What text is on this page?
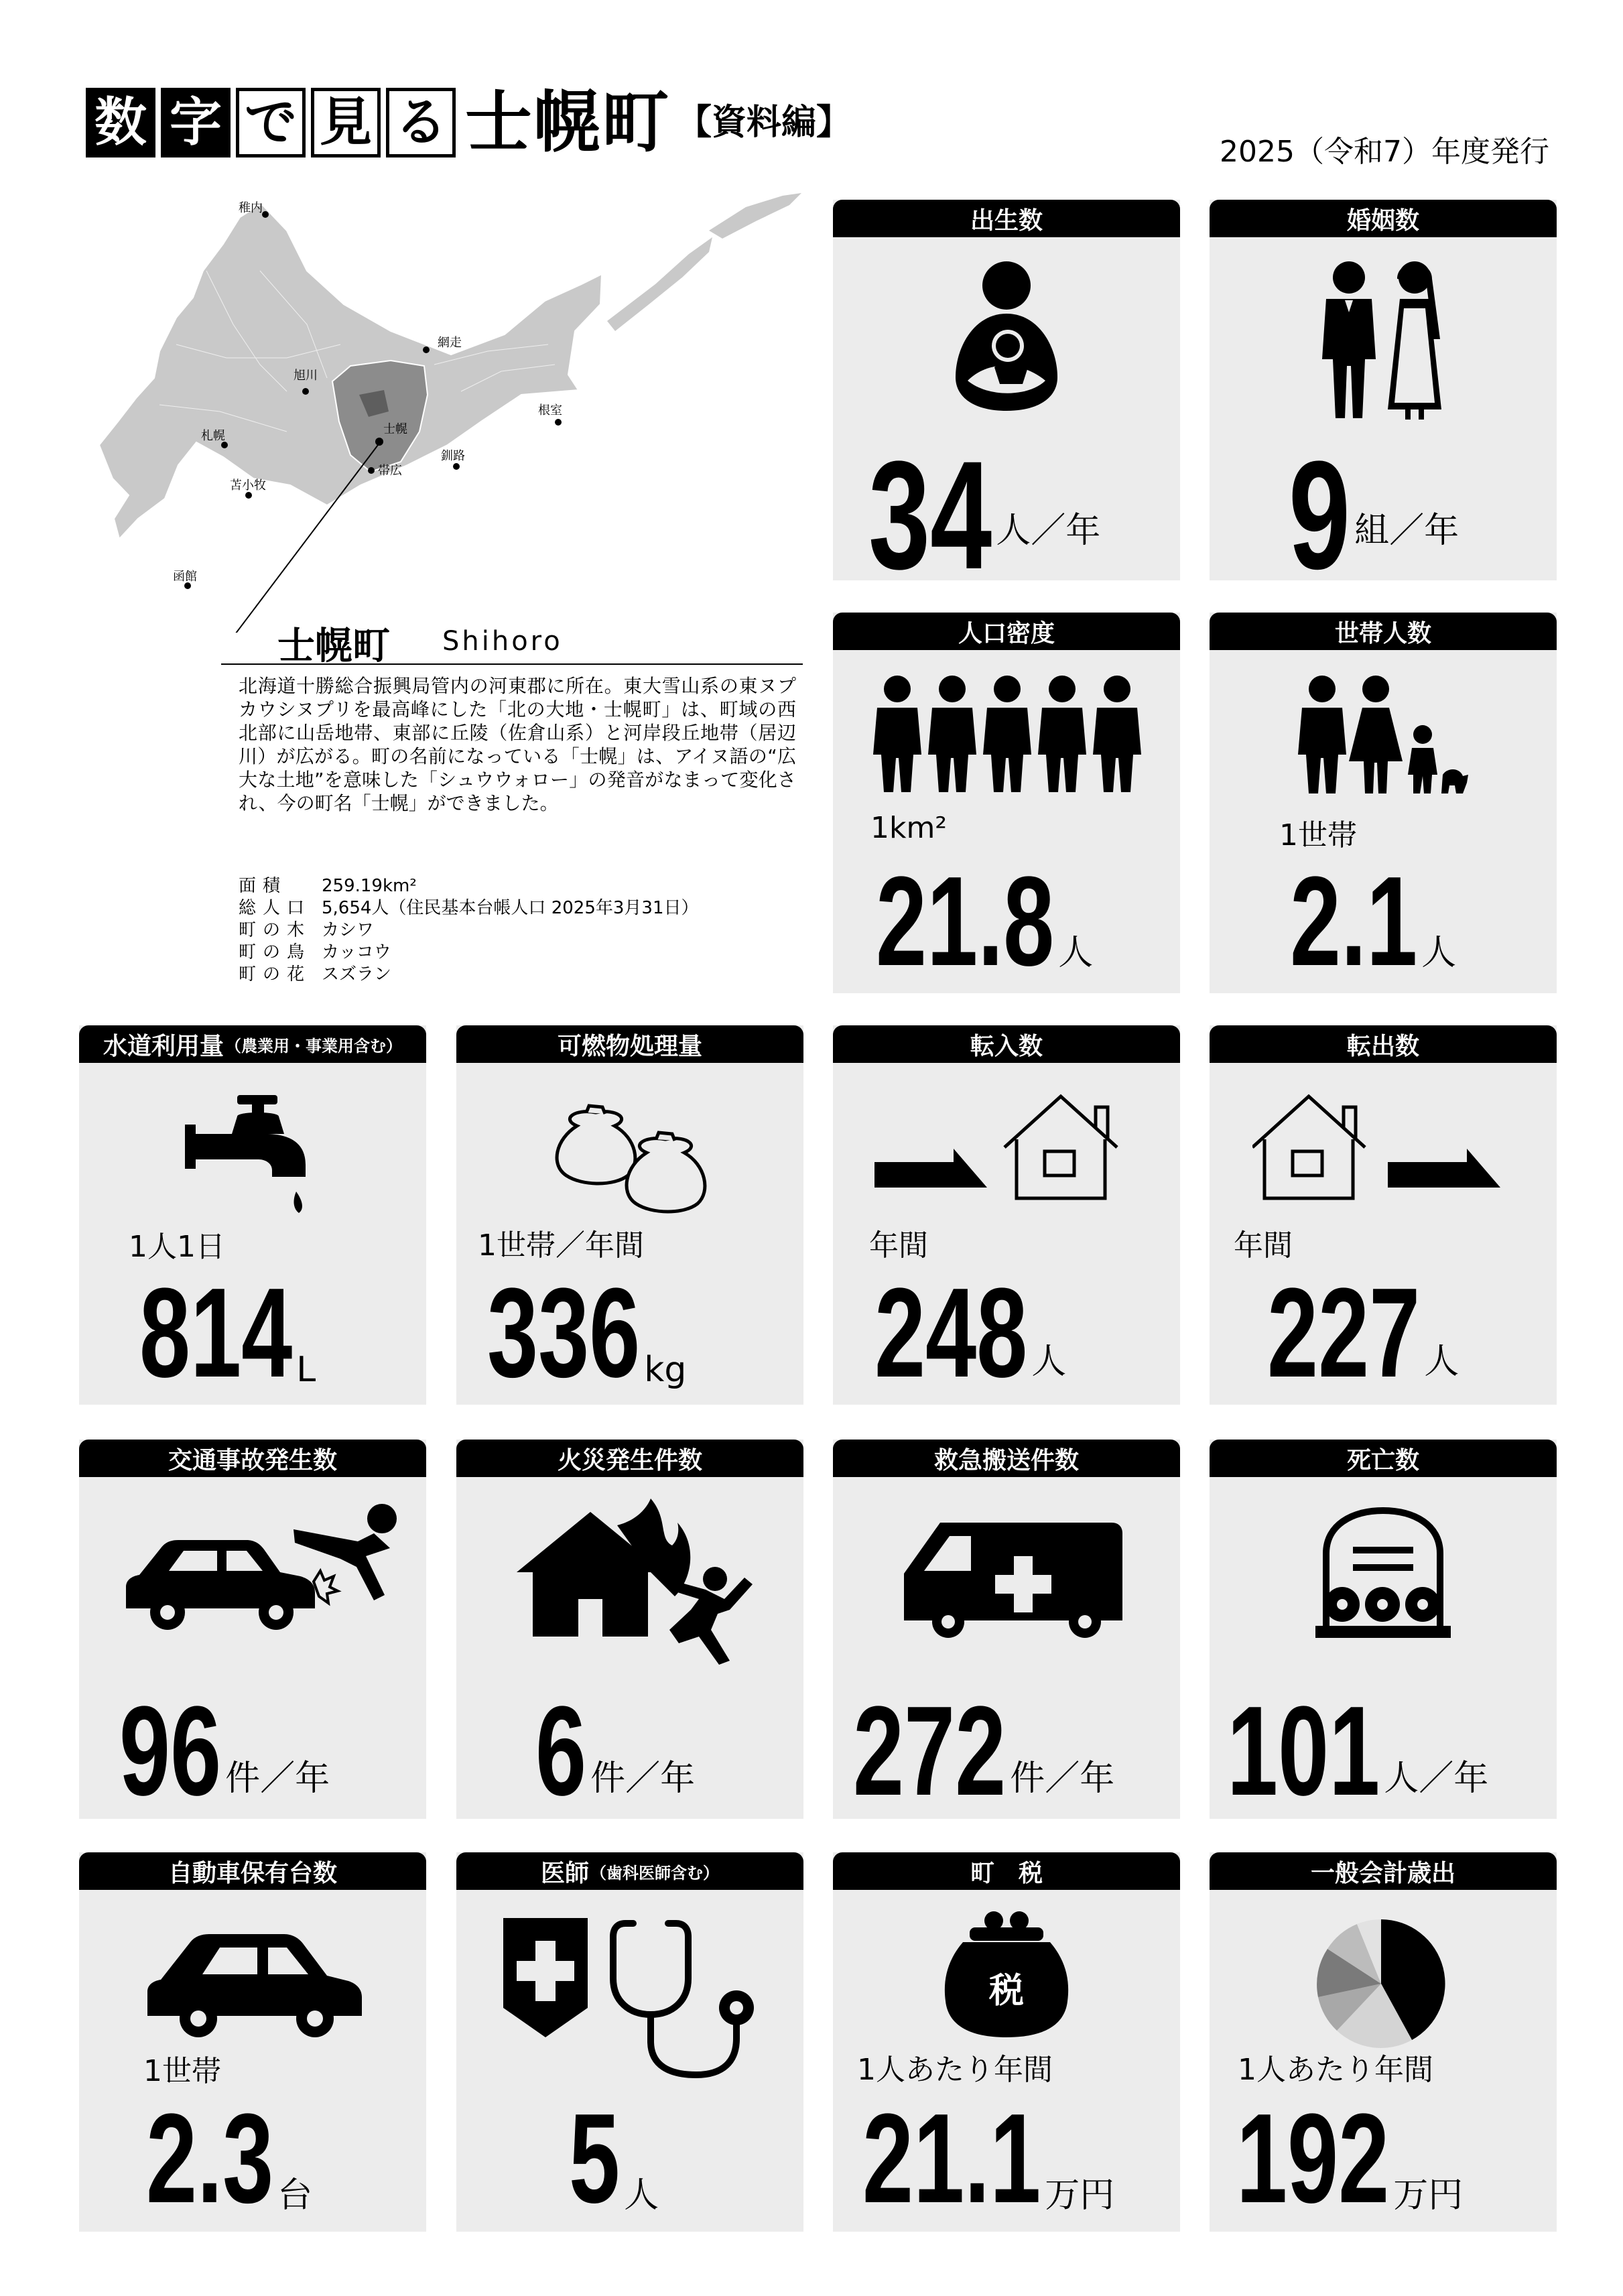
数 字 で 見 る 士幌町 【資料編】
2025（令和7）年度発行
稚内
網走
旭川
根室
札幌	士幌
帯広
釧路
苫小牧
函館
士幌町 Shihoro
北海道十勝総合振興局管内の河東郡に所在。東大雪山系の東ヌプカウシヌプリを最高峰にした「北の大地・士幌町」は、町域の西北部に山岳地帯、東部に丘陵（佐倉山系）と河岸段丘地帯（居辺川）が広がる。町の名前になっている「士幌」は、アイヌ語の“広大な土地”を意味した「シュウウォロー」の発音がなまって変化され、今の町名「士幌」ができました。
面積	259.19km²
総人口 5,654人（住民基本台帳人口 2025年3月31日）
町の木 カシワ
町の鳥 カッコウ
町の花 スズラン
出生数
34 人／年
婚姻数
9 組／年
人口密度
1km²
21.8 人
世帯人数
1世帯
2.1 人
水道利用量 （農業用・事業用含む）
1人1日
814 L
可燃物処理量
1世帯／年間
336 kg
転入数
年間
248 人
転出数
年間
227 人
交通事故発生数
96 件／年
火災発生件数
6 件／年
救急搬送件数
272 件／年
死亡数
101 人／年
自動車保有台数
1世帯
2.3 台
医師 （歯科医師含む）
5 人
町　税
税
1人あたり年間
21.1 万円
一般会計歳出
1人あたり年間
192 万円
